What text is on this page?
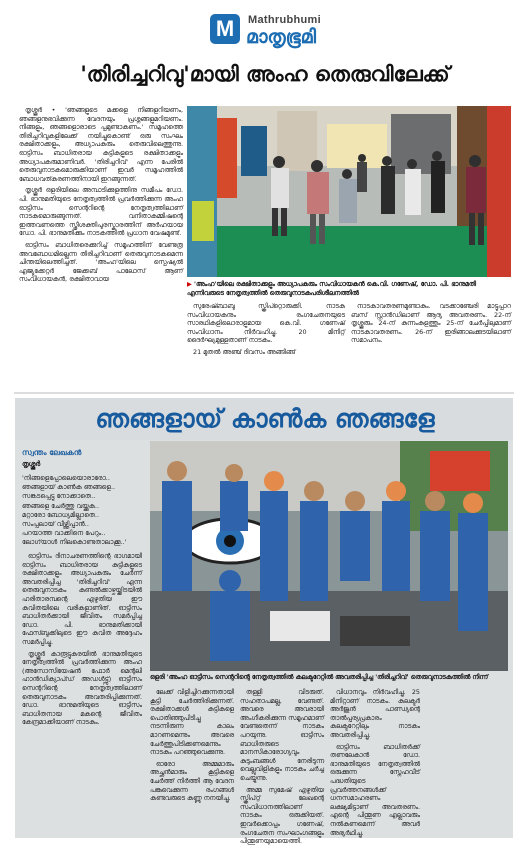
M	Mathrubhumi
മാതൃഭൂമി
'തിരിച്ചറിവു'മായി അംഹ തെരുവിലേക്ക്

തൃശ്ശൂർ • 'ഞങ്ങളുടെ മക്കളെ നിങ്ങളറിയണം, ഞങ്ങളനുഭവിക്കുന്ന വേദനയും പ്രശ്നങ്ങളുമറിയണം. നിങ്ങളും, ഞങ്ങളൊരാടെ പ്പമുണ്ടാകണം.' സമൂഹത്തെ തിരിച്ചറിവുകളിലേക്ക് നയിച്ചുകൊണ്ട് ഒരു സംഘം രക്ഷിതാക്കളും, അധ്യാപകരും തെരുവിലെത്തുന്നു. ഓട്ടിസം ബാധിതരായ കുട്ടികളുടെ രക്ഷിതാക്കളും അധ്യാപകരുമാണിവർ. 'തിരിച്ചറിവ്' എന്ന പേരിൽ തെരുവുനാടകമൊരുക്കിയാണ് ഇവർ സമൂഹത്തിൽ ബോധവത്കരണത്തിനായി ഇറങ്ങുന്നത്.

തൃശ്ശൂർ ഒളരിയിലെ അമ്പാടിക്കുളത്തിനു സമീപം ഡോ. പി. ഭാനുമതിയുടെ നേതൃത്വത്തിൽ പ്രവർത്തിക്കുന്ന അംഹ ഓട്ടിസം സെന്ററിന്റെ നേതൃത്വത്തിലാണ് നാടകമൊരുങ്ങുന്നത്. വനിതാകമ്മിഷന്റെ ഇത്തവണത്തെ സ്ത്രീശക്തിപുരസ്കാരത്തിന് അർഹയായ ഡോ. പി. ഭാനുമതിക്കും നാടകത്തിൽ പ്രധാന വേഷമുണ്ട്.

ഓട്ടിസം ബാധിതരെക്കുറിച്ച് സമൂഹത്തിന് വേണ്ടത്ര അവബോധമില്ലെന്ന തിരിച്ചറിവാണ് തെരുവുനാടകമെന്ന ചിന്തയിലെത്തിച്ചത്. 'അംഹ'യിലെ സ്പെഷ്യൽ എജ്യുക്കേറ്റർ ജേക്കബ് പാലോസ് ആണ് സംവിധായകൻ, രക്ഷിതാവായ

▶ 'അംഹ'യിലെ രക്ഷിതാക്കളും അധ്യാപകരും സംവിധായകൻ കെ.വി. ഗണേഷ്, ഡോ. പി. ഭാനുമതി എന്നിവരുടെ നേതൃത്വത്തിൽ തെരുവുനാടകപരിശീലനത്തിൽ

സുരേഷ്ബാബു സ്ക്രിപ്റ്റൊരുക്കി. നാടക സംവിധായകനും രംഗചേതനയുടെ സാരഥികളിലൊരാളുമായ കെ.വി. ഗണേഷ് സംവിധാനം നിർവഹിച്ചു. 20 മിനിറ്റ് ദൈർഘ്യമുള്ളതാണ് നാടകം.

21 മുതൽ അഞ്ച് ദിവസം അങ്ങിങ്ങ്

നാടകാവതരണമുണ്ടാകും. വടക്കാഞ്ചേരി മാട്ടുപ്പാറ ബസ് സ്റ്റാൻഡിലാണ് ആദ്യ അവതരണം. 22-ന് തൃശ്ശൂരും 24-ന് കുന്നംകുളത്തും 25-ന് ചേർപ്പിലുമാണ് നാടകാവതരണം. 26-ന് ഇരിങ്ങാലക്കുടയിലാണ് സമാപനം.

ഞങ്ങളായ് കാൺക ഞങ്ങളേ
സ്വന്തം ലേഖകൻ
തൃശ്ശൂർ
'നിങ്ങളെപ്പോലെയൊരാരോ..
ഞങ്ങളായ് കാൺക ഞങ്ങളെ..
സങ്കടപ്പെട്ടു നോക്കാതെ..
ഞങ്ങളെ ചേർത്തു വയ്ക്കുക..
മറ്റാരോ ബോധ്യമില്ലാതെ..
സംപ്പലായ് വീഴ്ത്തിപ്പാൻ..
പറയാത്ത വാക്കിനെ പേറും..
ലോഗ്‌യാൾ നിലകൊണ്ടതാലാക്കൂ..'

ഓട്ടിസം ദിനാചരണത്തിന്റെ ഭാഗമായി ഓട്ടിസം ബാധിതരായ കുട്ടികളുടെ രക്ഷിതാക്കളും അധ്യാപകരും ചേർന്ന് അവതരിപ്പിച്ച 'തിരിച്ചറിവ്' എന്ന തെരുവുനാടകം കണ്ടൽക്കാഴ്ചയ്ക്കിടയിൽ ഹരിതാരമ്പന്റെ എഴുതിയ ഈ കവിതയിലെ വരികളാണിത്. ഓട്ടിസം ബാധിതർക്കായി ജീവിതം സമർപ്പിച്ച ഡോ. പി. ഭാനുമതിക്കായി ഫേസ്ബുക്കിലുടെ ഈ കവിത അദ്ദേഹം സമർപ്പിച്ചു.

തൃശ്ശൂർ കാരൂട്ടുകരയിൽ ഭാനുമതിയുടെ നേതൃത്വത്തിൽ പ്രവർത്തിക്കുന്ന അംഹ (അസോസിയേഷൻ ഫോർ മെന്റലി ഹാൻഡിക്യാപ്ഡ് അഡൾട്ട്സ്) ഓട്ടിസം സെന്ററിന്റെ നേതൃത്വത്തിലാണ് തെരുവുനാടകം അവതരിപ്പിക്കുന്നത്. ഡോ. ഭാനുമതിയുടെ ഓട്ടിസം ബാധിതനായ മകന്റെ ജീവിതം കേന്ദ്രമാക്കിയാണ് നാടകം.

ഒളരി 'അംഹ ഓട്ടിസം സെന്ററിന്റെ നേതൃത്വത്തിൽ കലക്ടറേറ്റിൽ അവതരിപ്പിച്ച 'തിരിച്ചറിവ്' തെരുവുനാടകത്തിൽ നിന്ന്

ലേക്ക് വിളിച്ചിറക്കുന്നതായി കൂട്ടി ചേർത്തിരിക്കുന്നത്. രക്ഷിതാക്കൾ കുട്ടികളെ പൊതിഞ്ഞുപിടിച്ചു നടന്നിരുന്ന കാലം മാറണമെന്നും അവരെ ചേർത്തുപിടിക്കണമെന്നും നാടകം പറഞ്ഞുവെക്കുന്നു.

ഓരോ അമ്മമാരും അച്ഛൻമാരും കൂട്ടികളെ ചേർത്ത് നിർത്തി ആ വേദന പങ്കുവെക്കുന്ന രംഗങ്ങൾ കണ്ടവരുടെ കണ്ണു നനയിച്ചു.

തള്ളി വിടരുത്. സഹതാപമല്ല, വേണ്ടത്. അവരെ അവരായി അംഗീകരിക്കുന്ന സമൂഹമാണ് വേണ്ടതെന്ന് നാടകം പറയുന്നു. ഓട്ടിസം ബാധിതരുടെ മാനസികാരോഗ്യവും കുടുംബങ്ങൾ നേരിടുന്ന വെല്ലുവിളികളും നാടകം ചർച്ച ചെയ്യുന്നു.

അമ്മ സുമേഷ് എഴുതിയ സ്ക്രിപ്റ്റ് ലേഖന്റെ സംവിധാനത്തിലാണ് നാടകം ഒരുക്കിയത്. ഇവർക്കൊപ്പം ഗണേഷ്, രംഗചേതന സംഘാംഗങ്ങളും പിന്തുണയുമായെത്തി.

വിധാനവും നിർവഹിച്ചു. 25 മിനിറ്റാണ് നാടകം. കലക്ടർ അർജുൻ പാണ്ഡ്യന്റെ താൽപ്പര്യപ്രകാരം കലക്ടറേറ്റിലും നാടകം അവതരിപ്പിച്ചു.

ഓട്ടിസം ബാധിതർക്ക് തണലേകാൻ ഡോ. ഭാനുമതിയുടെ നേതൃത്വത്തിൽ ഒരുക്കുന്ന സ്നേഹവീട് പദ്ധതിയുടെ പ്രവർത്തനങ്ങൾക്ക് ധനസമാഹരണം ലക്ഷ്യമിട്ടാണ് അവതരണം. എന്റെ പിന്തുണ എല്ലാവരും നൽകണമെന്ന് അവർ അഭ്യർഥിച്ചു.
